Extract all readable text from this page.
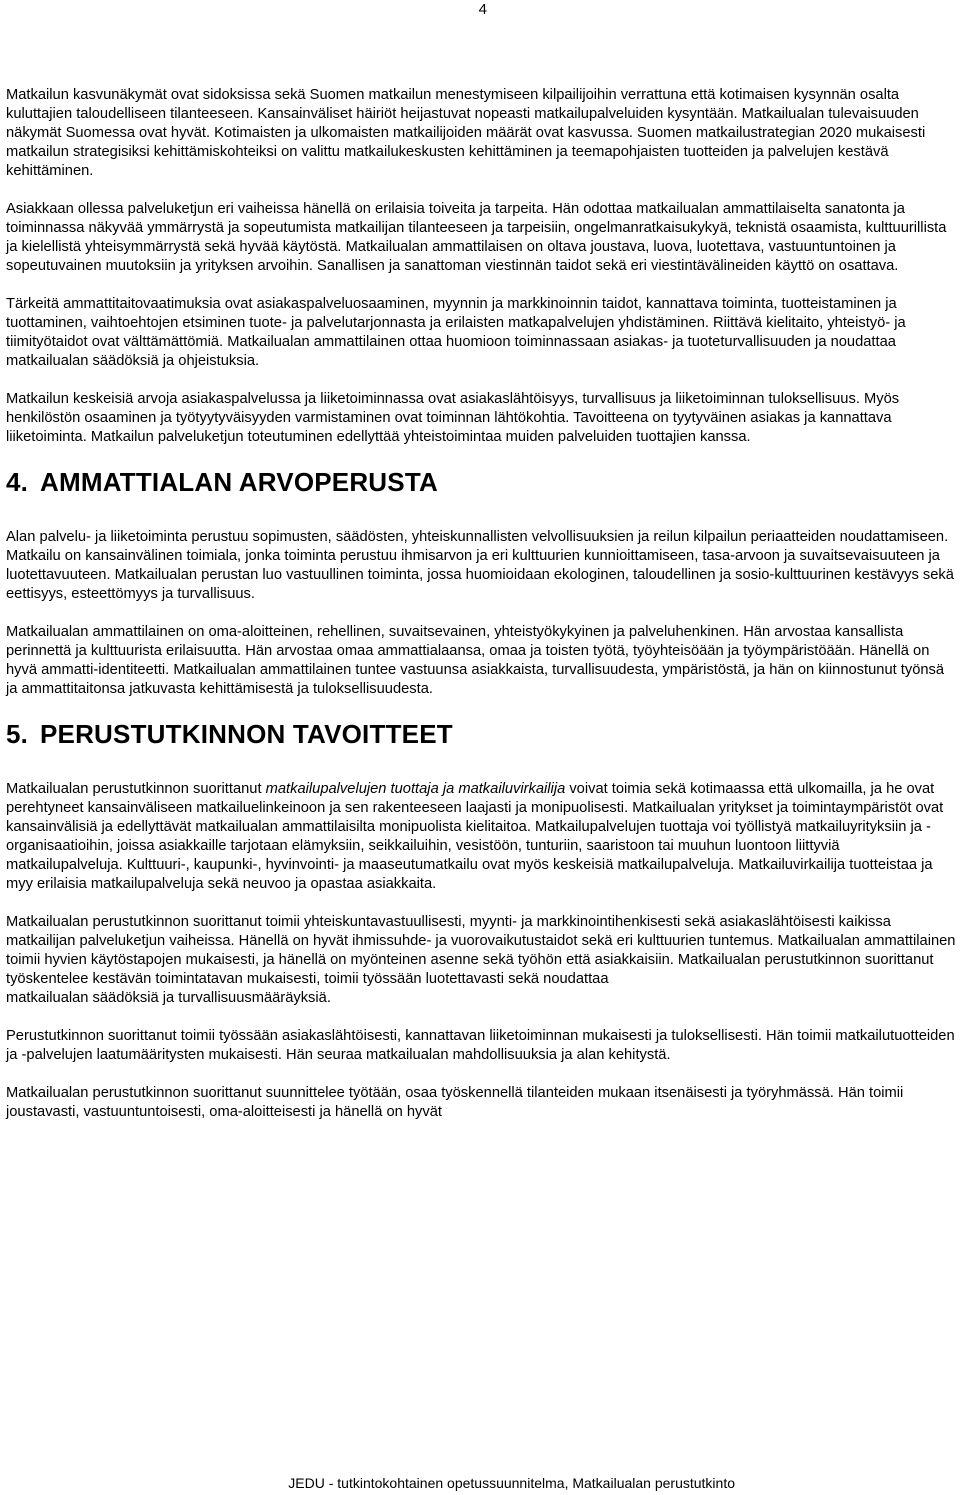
4

Matkailun kasvunäkymät ovat sidoksissa sekä Suomen matkailun menestymiseen kilpailijoihin verrattuna että kotimaisen kysynnän osalta kuluttajien taloudelliseen tilanteeseen. Kansainväliset häiriöt heijastuvat nopeasti matkailupalveluiden kysyntään. Matkailualan tulevaisuuden näkymät Suomessa ovat hyvät. Kotimaisten ja ulkomaisten matkailijoiden määrät ovat kasvussa. Suomen matkailustrategian 2020 mukaisesti matkailun strategisiksi kehittämiskohteiksi on valittu matkailukeskusten kehittäminen ja teemapohjaisten tuotteiden ja palvelujen kestävä kehittäminen.

Asiakkaan ollessa palveluketjun eri vaiheissa hänellä on erilaisia toiveita ja tarpeita. Hän odottaa matkailualan ammattilaiselta sanatonta ja toiminnassa näkyvää ymmärrystä ja sopeutumista matkailijan tilanteeseen ja tarpeisiin, ongelmanratkaisukykyä, teknistä osaamista, kulttuurillista ja kielellistä yhteisymmärrystä sekä hyvää käytöstä. Matkailualan ammattilaisen on oltava joustava, luova, luotettava, vastuuntuntoinen ja sopeutuvainen muutoksiin ja yrityksen arvoihin. Sanallisen ja sanattoman viestinnän taidot sekä eri viestintävälineiden käyttö on osattava.

Tärkeitä ammattitaitovaatimuksia ovat asiakaspalveluosaaminen, myynnin ja markkinoinnin taidot, kannattava toiminta, tuotteistaminen ja tuottaminen, vaihtoehtojen etsiminen tuote- ja palvelutarjonnasta ja erilaisten matkapalvelujen yhdistäminen. Riittävä kielitaito, yhteistyö- ja tiimityötaidot ovat välttämättömiä. Matkailualan ammattilainen ottaa huomioon toiminnassaan asiakas- ja tuoteturvallisuuden ja noudattaa matkailualan säädöksiä ja ohjeistuksia.

Matkailun keskeisiä arvoja asiakaspalvelussa ja liiketoiminnassa ovat asiakaslähtöisyys, turvallisuus ja liiketoiminnan tuloksellisuus. Myös henkilöstön osaaminen ja työtyytyväisyyden varmistaminen ovat toiminnan lähtökohtia. Tavoitteena on tyytyväinen asiakas ja kannattava liiketoiminta. Matkailun palveluketjun toteutuminen edellyttää yhteistoimintaa muiden palveluiden tuottajien kanssa.

4. AMMATTIALAN ARVOPERUSTA

Alan palvelu- ja liiketoiminta perustuu sopimusten, säädösten, yhteiskunnallisten velvollisuuksien ja reilun kilpailun periaatteiden noudattamiseen. Matkailu on kansainvälinen toimiala, jonka toiminta perustuu ihmisarvon ja eri kulttuurien kunnioittamiseen, tasa-arvoon ja suvaitsevaisuuteen ja luotettavuuteen. Matkailualan perustan luo vastuullinen toiminta, jossa huomioidaan ekologinen, taloudellinen ja sosio-kulttuurinen kestävyys sekä eettisyys, esteettömyys ja turvallisuus.

Matkailualan ammattilainen on oma-aloitteinen, rehellinen, suvaitsevainen, yhteistyökykyinen ja palveluhenkinen. Hän arvostaa kansallista perinnettä ja kulttuurista erilaisuutta. Hän arvostaa omaa ammattialaansa, omaa ja toisten työtä, työyhteisöään ja työympäristöään. Hänellä on hyvä ammatti-identiteetti. Matkailualan ammattilainen tuntee vastuunsa asiakkaista, turvallisuudesta, ympäristöstä, ja hän on kiinnostunut työnsä ja ammattitaitonsa jatkuvasta kehittämisestä ja tuloksellisuudesta.

5. PERUSTUTKINNON TAVOITTEET

Matkailualan perustutkinnon suorittanut matkailupalvelujen tuottaja ja matkailuvirkailija voivat toimia sekä kotimaassa että ulkomailla, ja he ovat perehtyneet kansainväliseen matkailuelinkeinoon ja sen rakenteeseen laajasti ja monipuolisesti. Matkailualan yritykset ja toimintaympäristöt ovat kansainvälisiä ja edellyttävät matkailualan ammattilaisilta monipuolista kielitaitoa. Matkailupalvelujen tuottaja voi työllistyä matkailuyrityksiin ja -organisaatioihin, joissa asiakkaille tarjotaan elämyksiin, seikkailuihin, vesistöön, tunturiin, saaristoon tai muuhun luontoon liittyviä matkailupalveluja. Kulttuuri-, kaupunki-, hyvinvointi- ja maaseutumatkailu ovat myös keskeisiä matkailupalveluja. Matkailuvirkailija tuotteistaa ja myy erilaisia matkailupalveluja sekä neuvoo ja opastaa asiakkaita.

Matkailualan perustutkinnon suorittanut toimii yhteiskuntavastuullisesti, myynti- ja markkinointihenkisesti sekä asiakaslähtöisesti kaikissa matkailijan palveluketjun vaiheissa. Hänellä on hyvät ihmissuhde- ja vuorovaikutustaidot sekä eri kulttuurien tuntemus. Matkailualan ammattilainen toimii hyvien käytöstapojen mukaisesti, ja hänellä on myönteinen asenne sekä työhön että asiakkaisiin. Matkailualan perustutkinnon suorittanut työskentelee kestävän toimintatavan mukaisesti, toimii työssään luotettavasti sekä noudattaa
matkailualan säädöksiä ja turvallisuusmääräyksiä.

Perustutkinnon suorittanut toimii työssään asiakaslähtöisesti, kannattavan liiketoiminnan mukaisesti ja tuloksellisesti. Hän toimii matkailutuotteiden ja -palvelujen laatumääritysten mukaisesti. Hän seuraa matkailualan mahdollisuuksia ja alan kehitystä.

Matkailualan perustutkinnon suorittanut suunnittelee työtään, osaa työskennellä tilanteiden mukaan itsenäisesti ja työryhmässä. Hän toimii joustavasti, vastuuntuntoisesti, oma-aloitteisesti ja hänellä on hyvät

JEDU - tutkintokohtainen opetussuunnitelma, Matkailualan perustutkinto
